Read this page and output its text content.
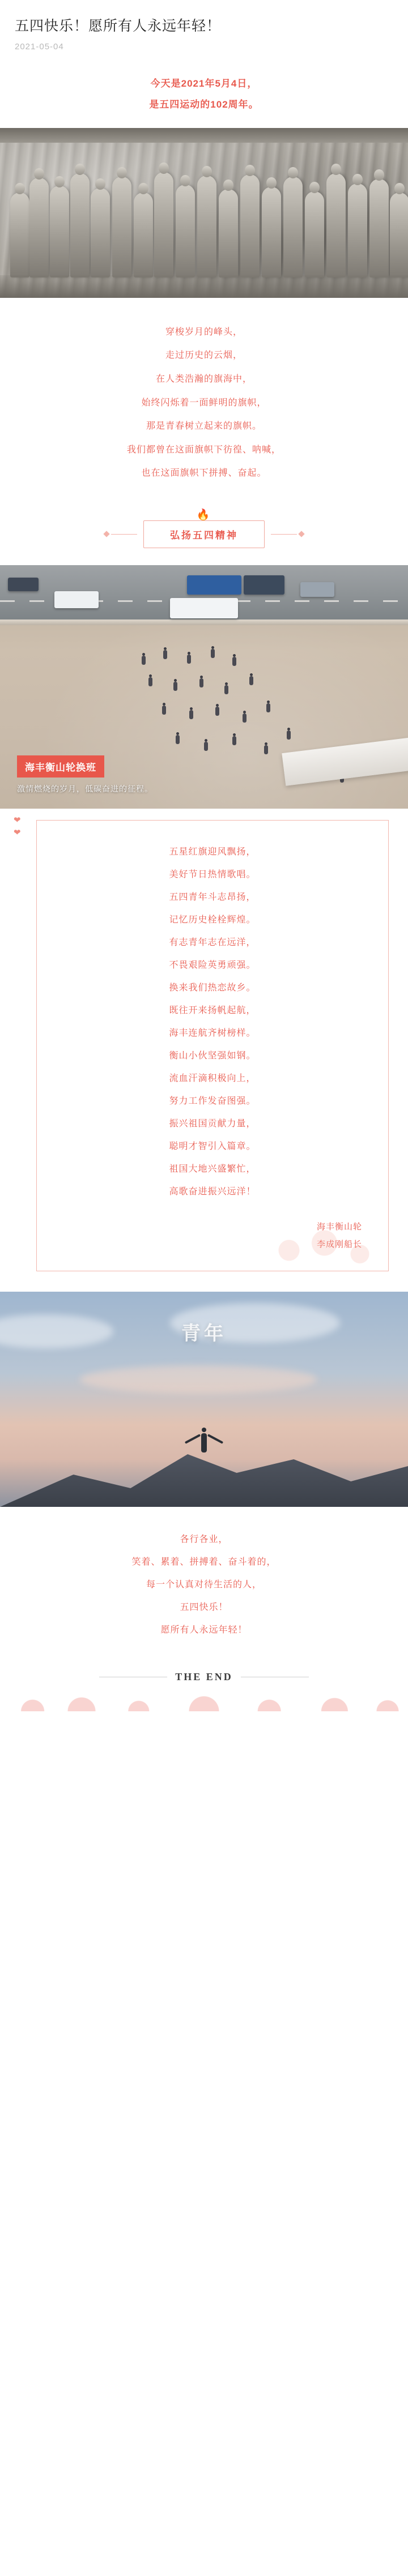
五四快乐！愿所有人永远年轻！
2021-05-04
今天是2021年5月4日，
是五四运动的102周年。
穿梭岁月的峰头，
走过历史的云烟，
在人类浩瀚的旗海中，
始终闪烁着一面鲜明的旗帜，
那是青春树立起来的旗帜。
我们都曾在这面旗帜下彷徨、呐喊，
也在这面旗帜下拼搏、奋起。
🔥
弘扬五四精神
海丰衡山轮换班
激情燃烧的岁月，低碳奋进的征程。
❤
❤
五星红旗迎风飘扬，
美好节日热情歌唱。
五四青年斗志昂扬，
记忆历史栓栓辉煌。
有志青年志在远洋，
不畏艰险英勇顽强。
换来我们热恋故乡。
既往开来扬帆起航，
海丰连航齐树榜样。
衡山小伙坚强如钢。
流血汗滴积极向上，
努力工作发奋图强。
振兴祖国贡献力量，
聪明才智引入篇章。
祖国大地兴盛繁忙，
高歌奋进振兴远洋！
海丰衡山轮
李成刚船长
青年
各行各业，
笑着、累着、拼搏着、奋斗着的，
每一个认真对待生活的人，
五四快乐！
愿所有人永远年轻！
THE END
